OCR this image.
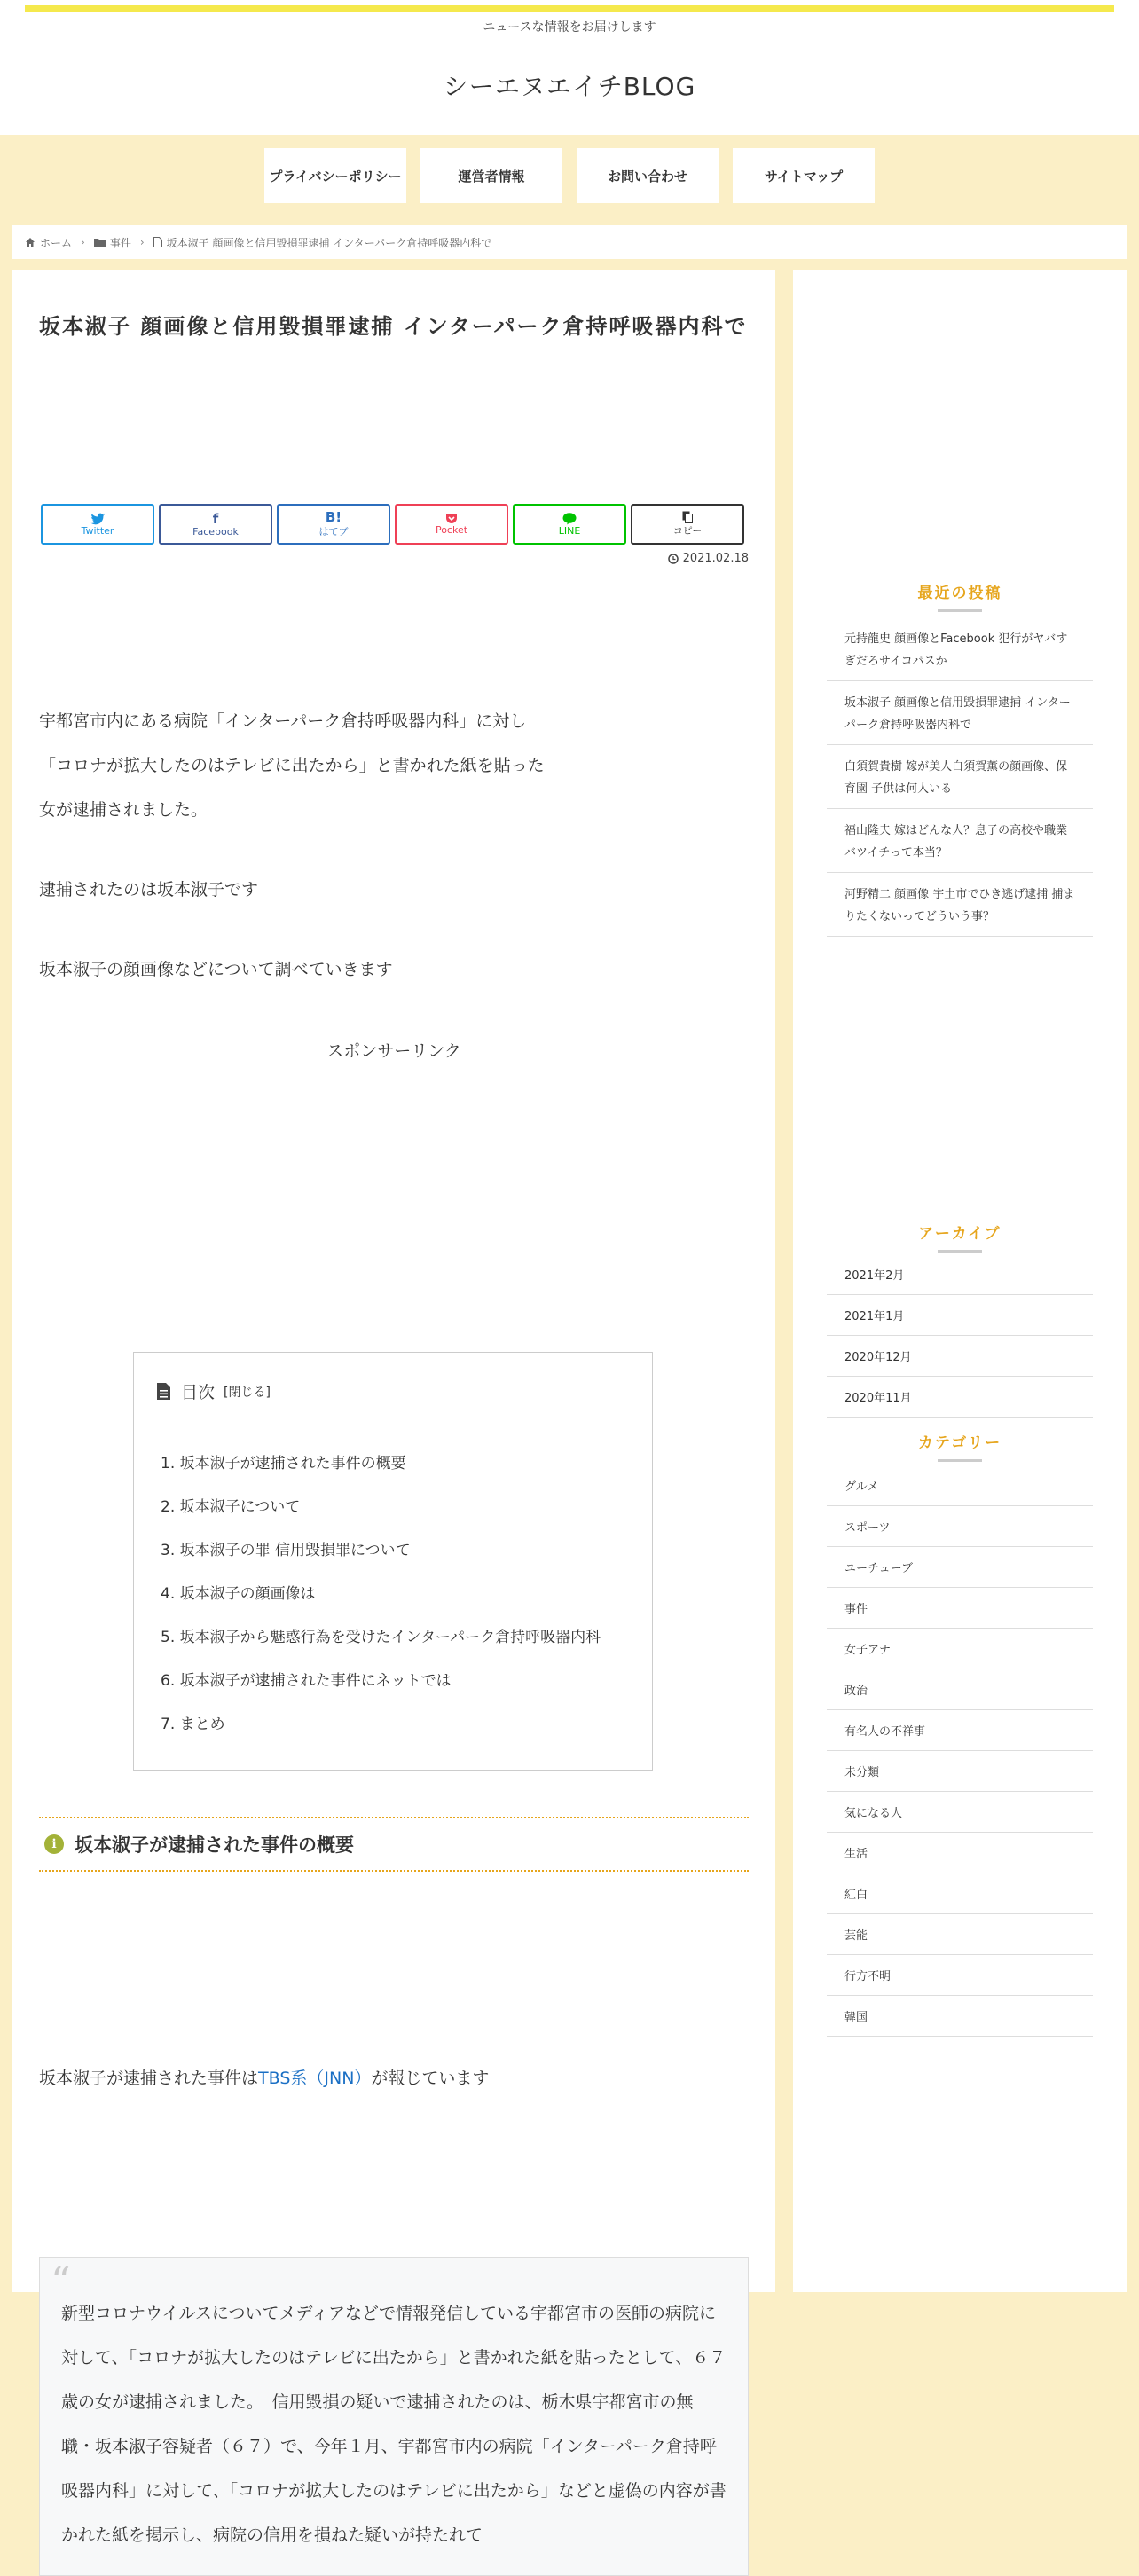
ニュースな情報をお届けします
シーエヌエイチBLOG
プライバシーポリシー	運営者情報	お問い合わせ	サイトマップ
ホーム › 事件 › 坂本淑子 顔画像と信用毀損罪逮捕 インターパーク倉持呼吸器内科で
坂本淑子 顔画像と信用毀損罪逮捕 インターパーク倉持呼吸器内科で
Twitter
f
Facebook
B!
はてブ	Pocket	LINE	コピー
2021.02.18
宇都宮市内にある病院「インターパーク倉持呼吸器内科」に対し
「コロナが拡大したのはテレビに出たから」と書かれた紙を貼った
女が逮捕されました。
逮捕されたのは坂本淑子です
坂本淑子の顔画像などについて調べていきます
スポンサーリンク
目次 [閉じる]
1. 坂本淑子が逮捕された事件の概要
2. 坂本淑子について
3. 坂本淑子の罪 信用毀損罪について
4. 坂本淑子の顔画像は
5. 坂本淑子から魅惑行為を受けたインターパーク倉持呼吸器内科
6. 坂本淑子が逮捕された事件にネットでは
7. まとめ
i 坂本淑子が逮捕された事件の概要
坂本淑子が逮捕された事件はTBS系（JNN）が報じています
“
新型コロナウイルスについてメディアなどで情報発信している宇都宮市の医師の病院に対して、「コロナが拡大したのはテレビに出たから」と書かれた紙を貼ったとして、６７歳の女が逮捕されました。　信用毀損の疑いで逮捕されたのは、栃木県宇都宮市の無職・坂本淑子容疑者（６７）で、今年１月、宇都宮市内の病院「インターパーク倉持呼吸器内科」に対して、「コロナが拡大したのはテレビに出たから」などと虚偽の内容が書かれた紙を掲示し、病院の信用を損ねた疑いが持たれて
最近の投稿
元持龍史 顔画像とFacebook 犯行がヤバすぎだろサイコパスか
坂本淑子 顔画像と信用毀損罪逮捕 インターパーク倉持呼吸器内科で
白須賀貴樹 嫁が美人白須賀薫の顔画像、保育園 子供は何人いる
福山隆夫 嫁はどんな人？息子の高校や職業バツイチって本当？
河野精二 顔画像 宇土市でひき逃げ逮捕 捕まりたくないってどういう事？
アーカイブ
2021年2月
2021年1月
2020年12月
2020年11月
カテゴリー
グルメ
スポーツ
ユーチューブ
事件
女子アナ
政治
有名人の不祥事
未分類
気になる人
生活
紅白
芸能
行方不明
韓国
